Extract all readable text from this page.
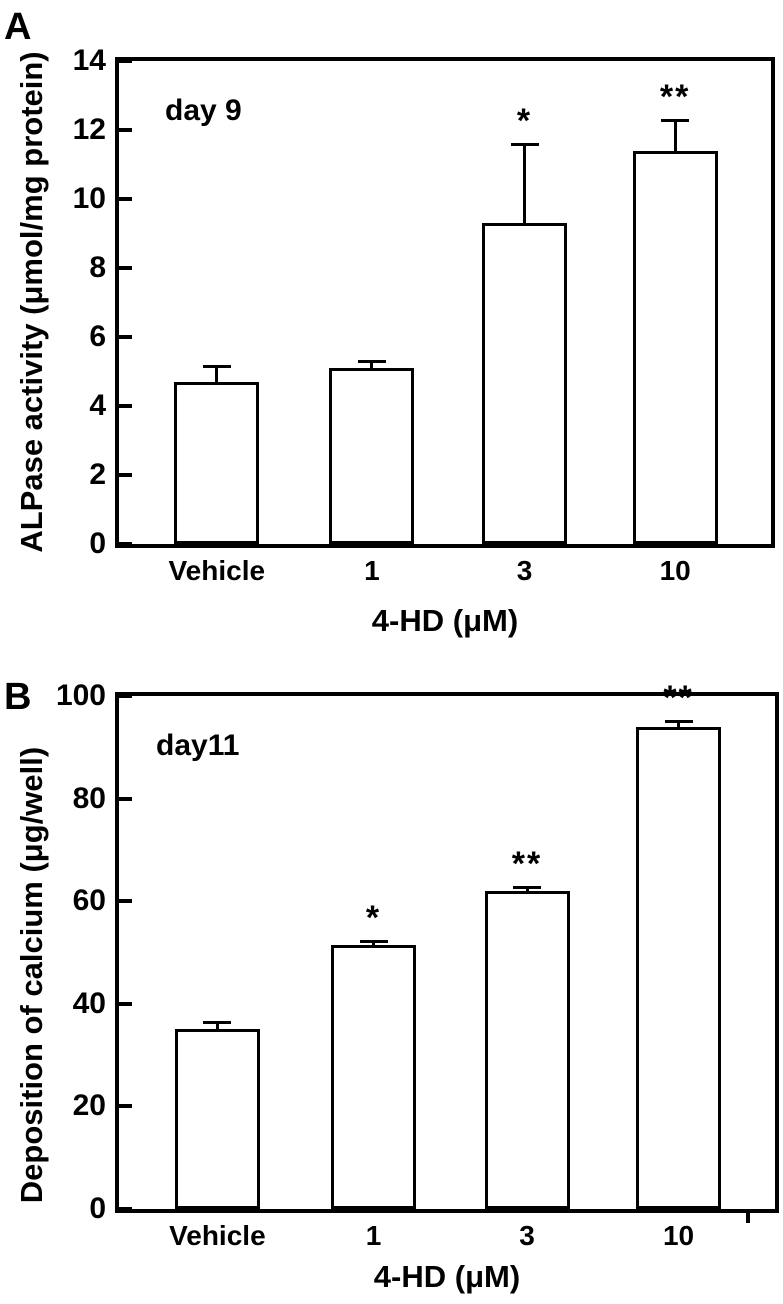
A
ALPase activity (μmol/mg protein)	day 9
4-HD (μM)
B
Deposition of calcium (μg/well)
day11
4-HD (μM)
0
2
4
6
8
10
12
14
Vehicle	1
*
3
**
10
0
20
40
60
80
100
Vehicle
*
1
**
3
**
10
